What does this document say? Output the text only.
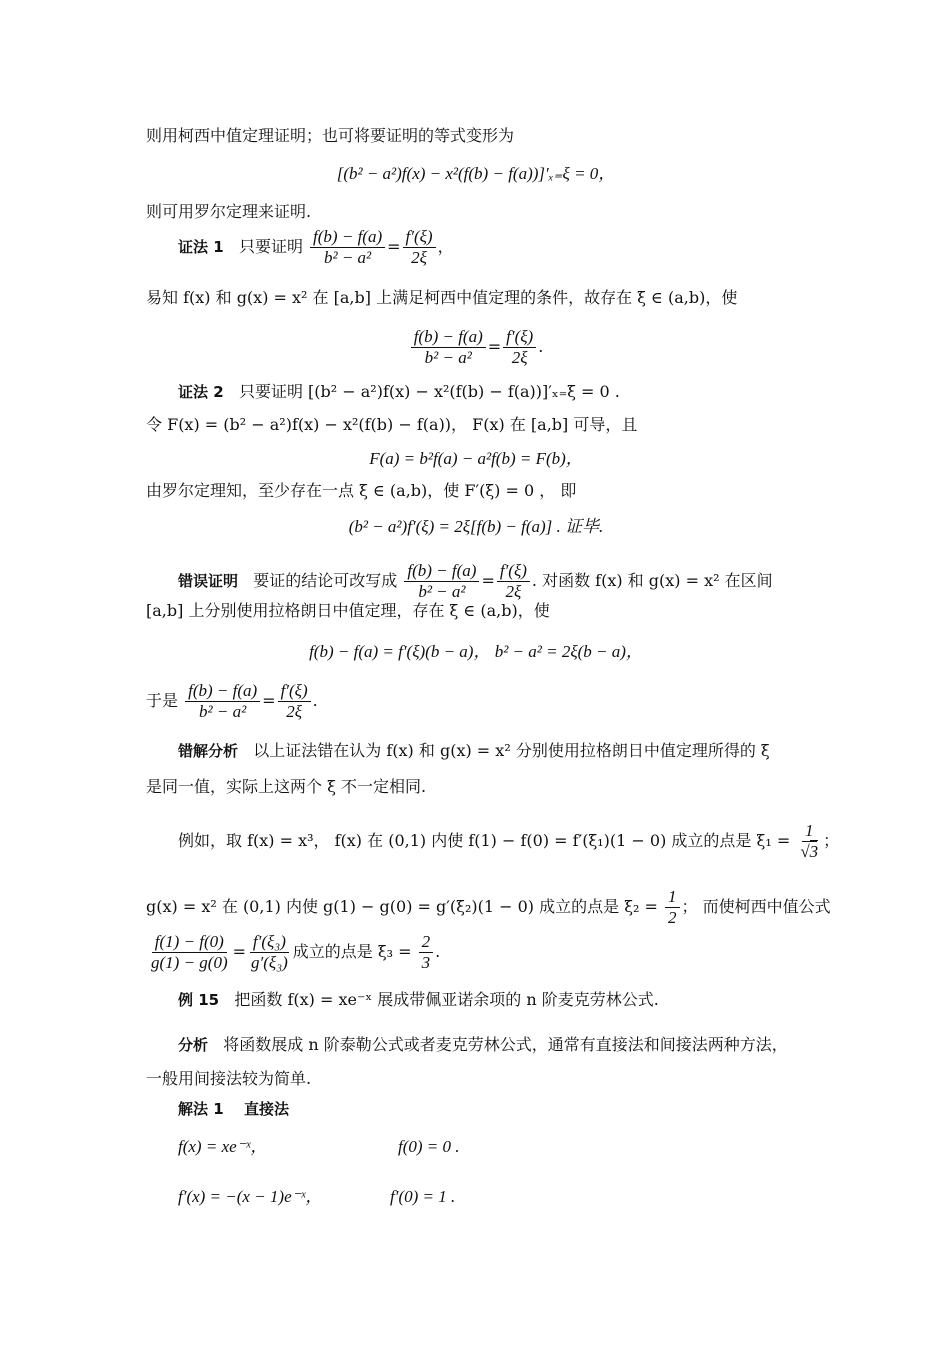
则用柯西中值定理证明；也可将要证明的等式变形为
[(b² − a²)f(x) − x²(f(b) − f(a))]′ₓ₌ξ = 0，
则可用罗尔定理来证明.
证法 1 只要证明 $\frac{f(b) - f(a)}{\text{b² − a²}} = \frac{f'(\xi)}{2\xi}$ ，
易知 f(x) 和 g(x) = x² 在 [a,b] 上满足柯西中值定理的条件，故存在 ξ ∈ (a,b)，使
$\frac{f(b) - f(a)}{\text{b² − a²}} = \frac{f'(\xi)}{2\xi}$ .
证法 2 只要证明 [(b² − a²)f(x) − x²(f(b) − f(a))]′ₓ₌ξ = 0 .
令 F(x) = (b² − a²)f(x) − x²(f(b) − f(a))， F(x) 在 [a,b] 可导，且
F(a) = b²f(a) − a²f(b) = F(b)，
由罗尔定理知，至少存在一点 ξ ∈ (a,b)，使 F′(ξ) = 0 ， 即
(b² − a²)f′(ξ) = 2ξ[f(b) − f(a)] . 证毕.
错误证明 要证的结论可改写成 $\frac{f(b) - f(a)}{\text{b² − a²}} = \frac{f'(\xi)}{2\xi}$ . 对函数 f(x) 和 g(x) = x² 在区间
[a,b] 上分别使用拉格朗日中值定理，存在 ξ ∈ (a,b)，使
f(b) − f(a) = f′(ξ)(b − a)， b² − a² = 2ξ(b − a)，
于是 $\frac{f(b) - f(a)}{\text{b² − a²}} = \frac{f'(\xi)}{2\xi}$ .
错解分析 以上证法错在认为 f(x) 和 g(x) = x² 分别使用拉格朗日中值定理所得的 ξ
是同一值，实际上这两个 ξ 不一定相同.
例如，取 f(x) = x³， f(x) 在 (0,1) 内使 f(1) − f(0) = f′(ξ₁)(1 − 0) 成立的点是 $\xi_1 = \frac{1}{√3}$ ；
g(x) = x² 在 (0,1) 内使 g(1) − g(0) = g′(ξ₂)(1 − 0) 成立的点是 $\xi_2 = \frac{1}{2}$ ； 而使柯西中值公式
$\frac{f(1) - f(0)}{g(1) - g(0)} = \frac{\text{f′(ξ₃)}}{\text{g′(ξ₃)}}$ 成立的点是 $\xi_3 = \frac{2}{3}$ .
例 15 把函数 f(x) = xe⁻ˣ 展成带佩亚诺余项的 n 阶麦克劳林公式.
分析 将函数展成 n 阶泰勒公式或者麦克劳林公式，通常有直接法和间接法两种方法，
一般用间接法较为简单.
解法 1 直接法
f(x) = xe⁻ˣ，	f(0) = 0 .
f′(x) = −(x − 1)e⁻ˣ，	f′(0) = 1 .
